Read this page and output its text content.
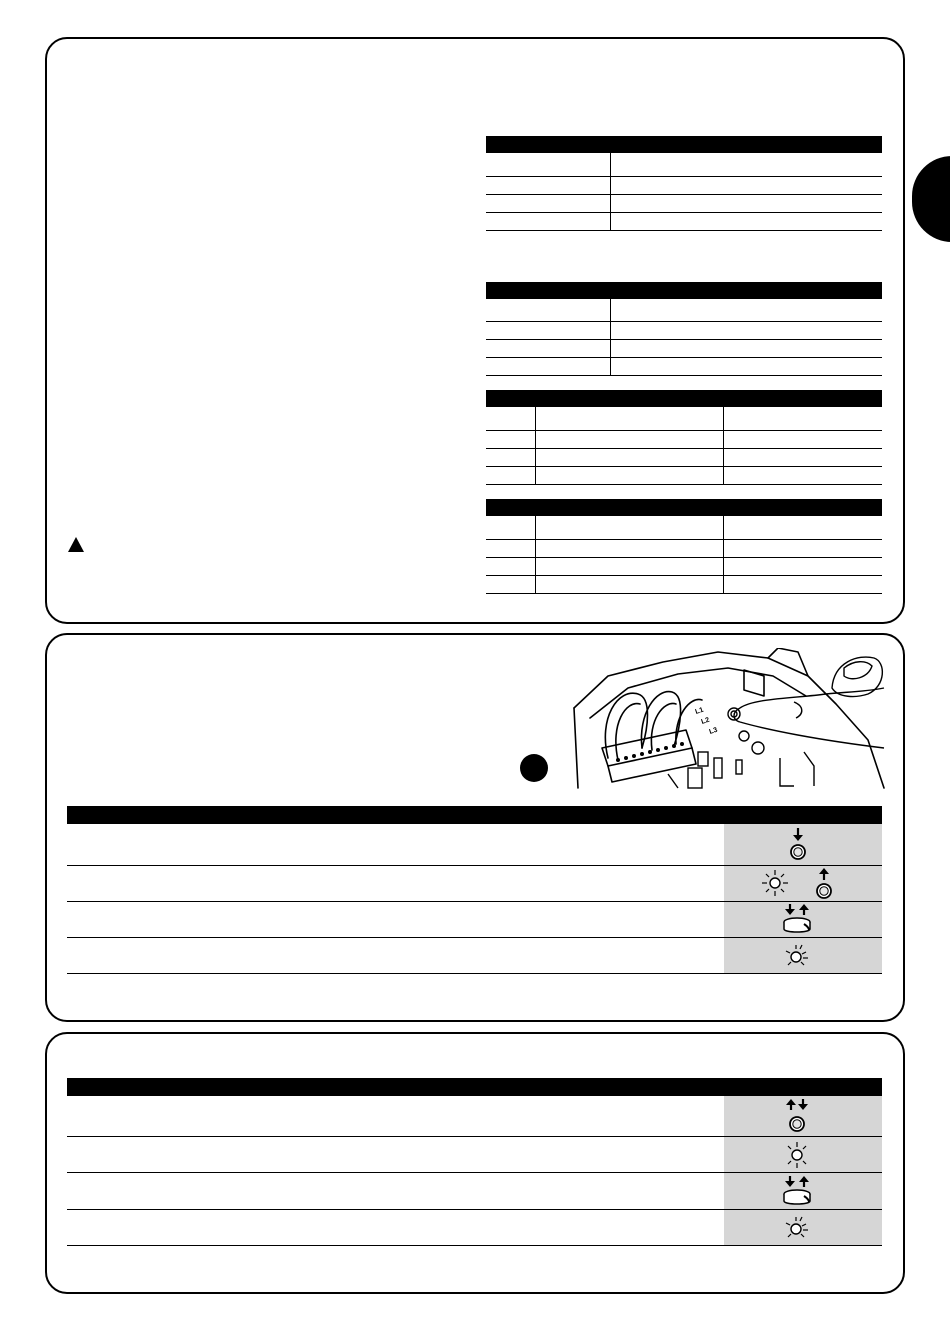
L1
L2
L3
